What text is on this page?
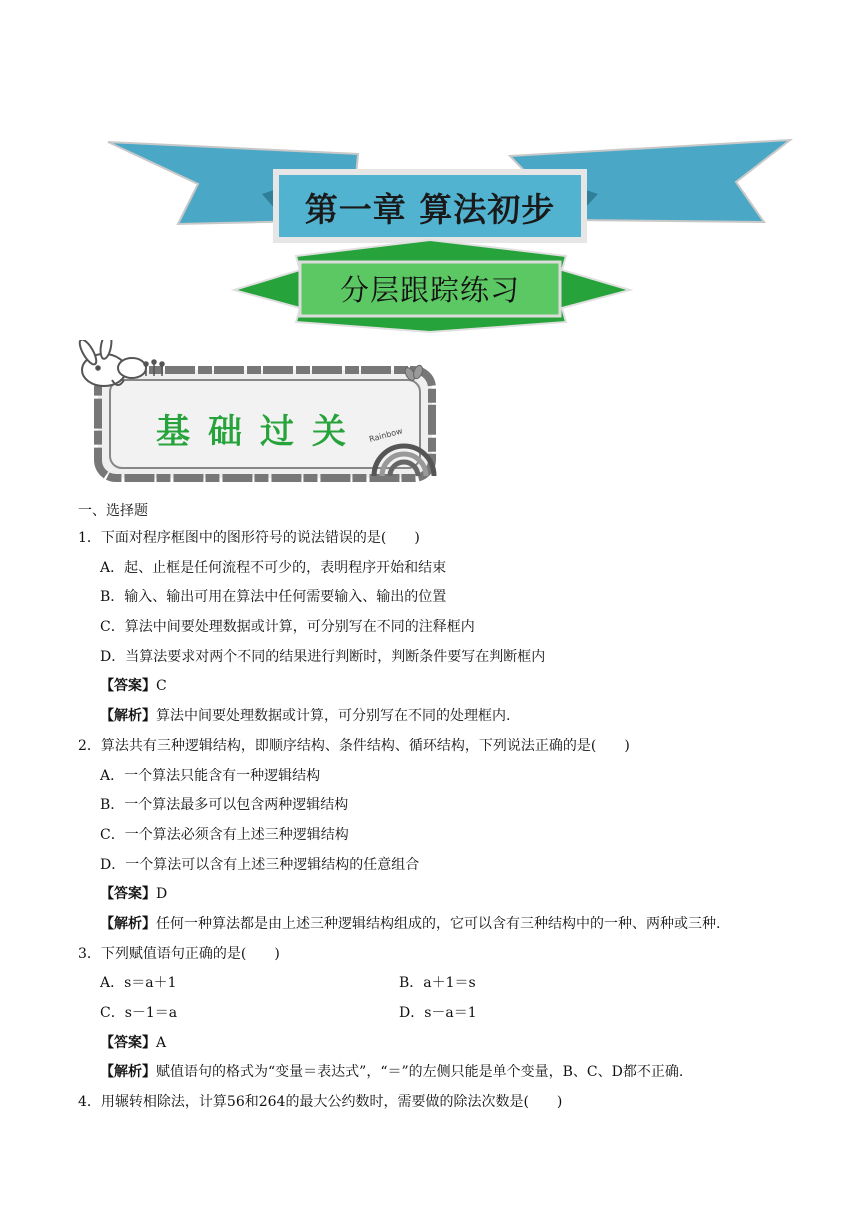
第一章 算法初步
分层跟踪练习
Rainbow
基础过关
一、选择题
1．下面对程序框图中的图形符号的说法错误的是(　　)
A．起、止框是任何流程不可少的，表明程序开始和结束
B．输入、输出可用在算法中任何需要输入、输出的位置
C．算法中间要处理数据或计算，可分别写在不同的注释框内
D．当算法要求对两个不同的结果进行判断时，判断条件要写在判断框内
【答案】C
【解析】算法中间要处理数据或计算，可分别写在不同的处理框内.
2．算法共有三种逻辑结构，即顺序结构、条件结构、循环结构，下列说法正确的是(　　)
A．一个算法只能含有一种逻辑结构
B．一个算法最多可以包含两种逻辑结构
C．一个算法必须含有上述三种逻辑结构
D．一个算法可以含有上述三种逻辑结构的任意组合
【答案】D
【解析】任何一种算法都是由上述三种逻辑结构组成的，它可以含有三种结构中的一种、两种或三种.
3．下列赋值语句正确的是(　　)
A．s＝a＋1	B．a＋1＝s
C．s－1＝a	D．s－a＝1
【答案】A
【解析】赋值语句的格式为“变量＝表达式”，“＝”的左侧只能是单个变量，B、C、D都不正确.
4．用辗转相除法，计算56和264的最大公约数时，需要做的除法次数是(　　)
